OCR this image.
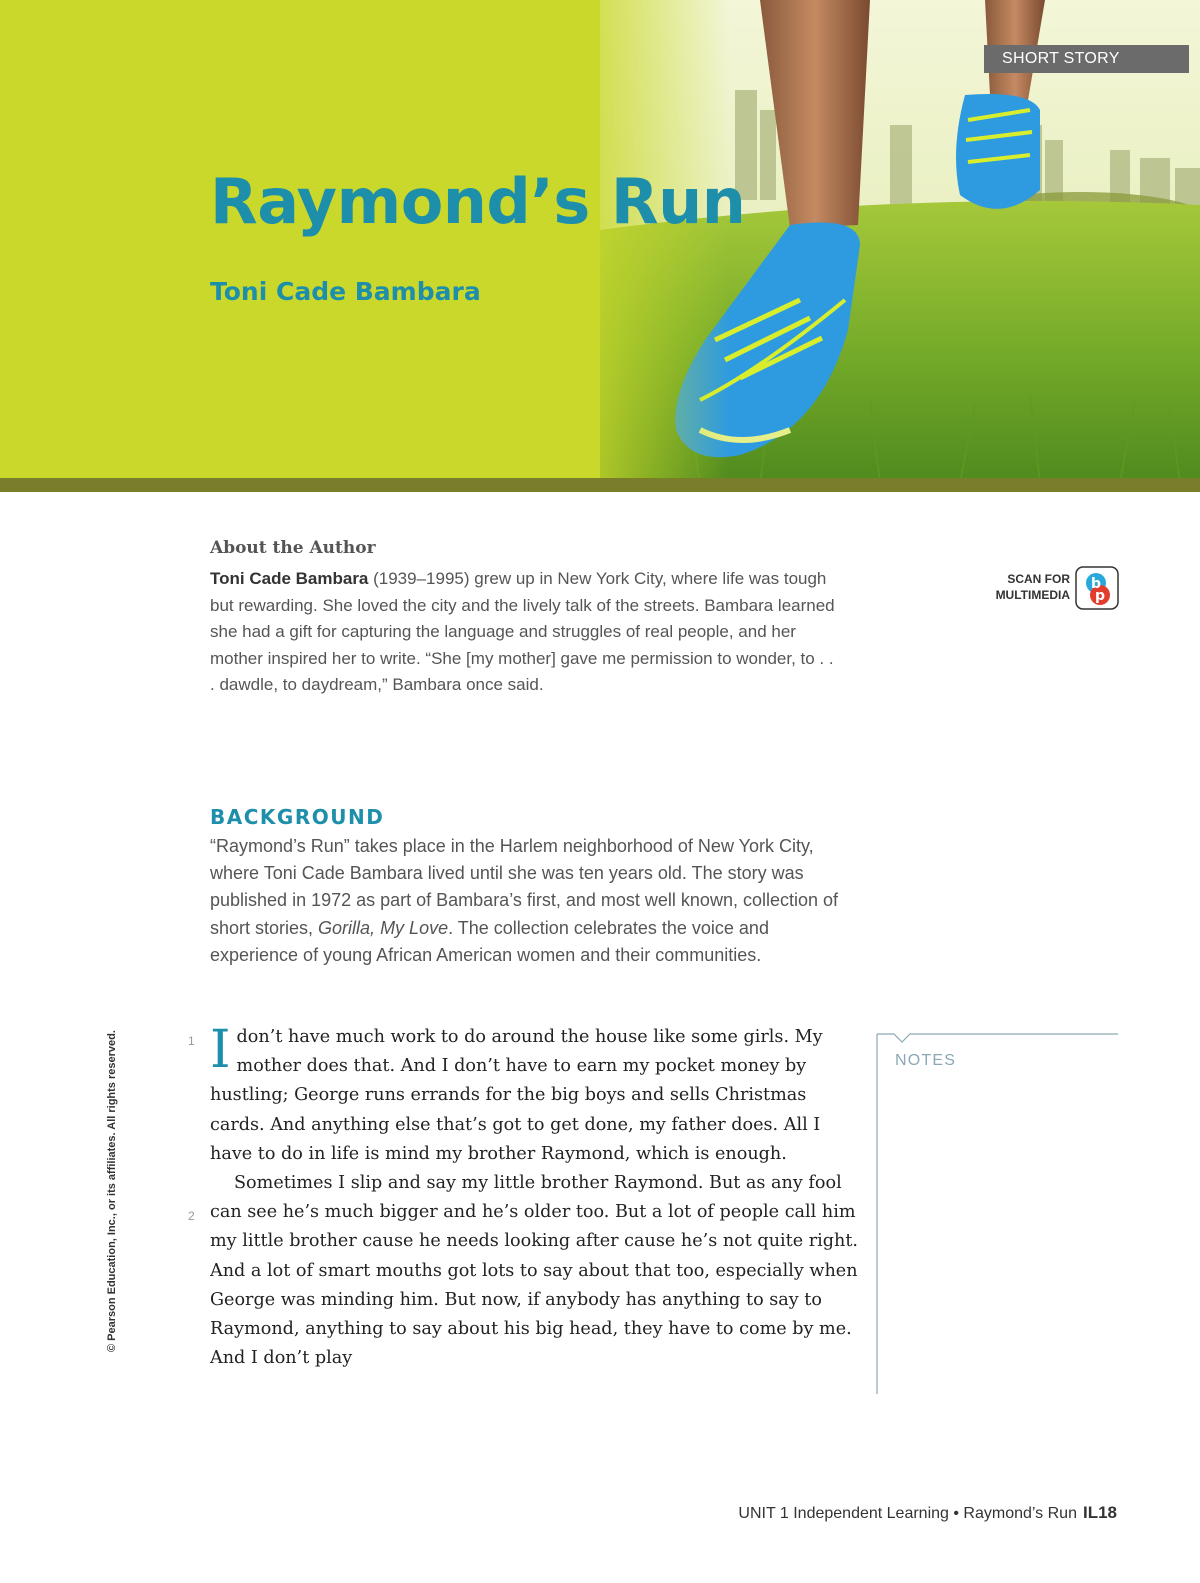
SHORT STORY
Raymond’s Run
Toni Cade Bambara
About the Author

Toni Cade Bambara (1939–1995) grew up in New York City, where life was tough but rewarding. She loved the city and the lively talk of the streets. Bambara learned she had a gift for capturing the language and struggles of real people, and her mother inspired her to write. “She [my mother] gave me permission to wonder, to . . . dawdle, to daydream,” Bambara once said.

SCAN FOR
MULTIMEDIA
b
p
BACKGROUND

“Raymond’s Run” takes place in the Harlem neighborhood of New York City, where Toni Cade Bambara lived until she was ten years old. The story was published in 1972 as part of Bambara’s first, and most well known, collection of short stories, Gorilla, My Love. The collection celebrates the voice and experience of young African American women and their communities.

1
2

I don’t have much work to do around the house like some girls. My mother does that. And I don’t have to earn my pocket money by hustling; George runs errands for the big boys and sells Christmas cards. And anything else that’s got to get done, my father does. All I have to do in life is mind my brother Raymond, which is enough.

Sometimes I slip and say my little brother Raymond. But as any fool can see he’s much bigger and he’s older too. But a lot of people call him my little brother cause he needs looking after cause he’s not quite right. And a lot of smart mouths got lots to say about that too, especially when George was minding him. But now, if anybody has anything to say to Raymond, anything to say about his big head, they have to come by me. And I don’t play

NOTES
© Pearson Education, Inc., or its affiliates. All rights reserved.
UNIT 1 Independent Learning • Raymond’s Run IL18
